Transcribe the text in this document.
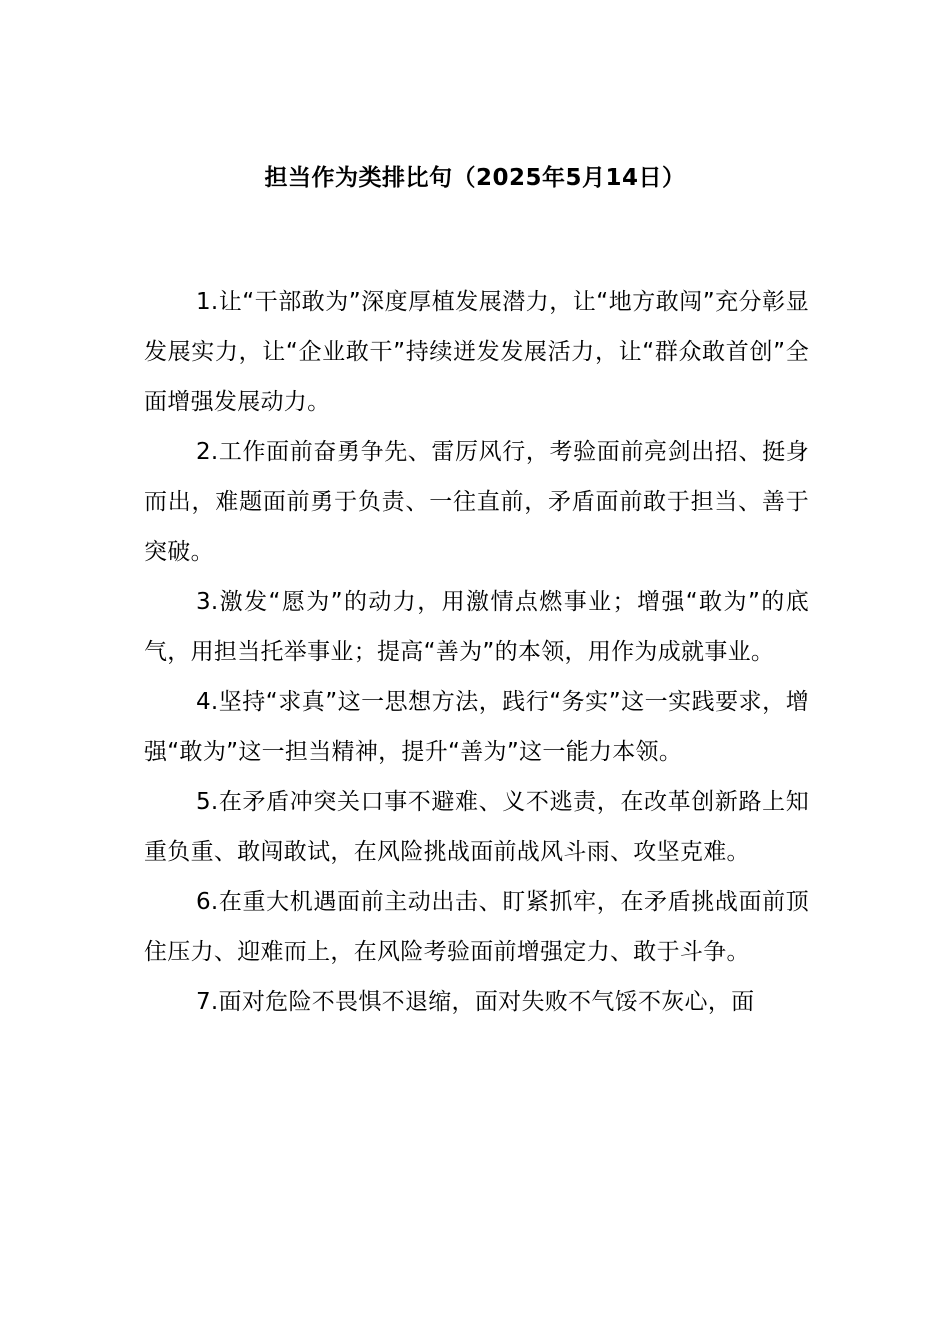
担当作为类排比句（2025年5月14日）

1.让“干部敢为”深度厚植发展潜力，让“地方敢闯”充分彰显发展实力，让“企业敢干”持续迸发发展活力，让“群众敢首创”全面增强发展动力。

2.工作面前奋勇争先、雷厉风行，考验面前亮剑出招、挺身而出，难题面前勇于负责、一往直前，矛盾面前敢于担当、善于突破。

3.激发“愿为”的动力，用激情点燃事业；增强“敢为”的底气，用担当托举事业；提高“善为”的本领，用作为成就事业。

4.坚持“求真”这一思想方法，践行“务实”这一实践要求，增强“敢为”这一担当精神，提升“善为”这一能力本领。

5.在矛盾冲突关口事不避难、义不逃责，在改革创新路上知重负重、敢闯敢试，在风险挑战面前战风斗雨、攻坚克难。

6.在重大机遇面前主动出击、盯紧抓牢，在矛盾挑战面前顶住压力、迎难而上，在风险考验面前增强定力、敢于斗争。

7.面对危险不畏惧不退缩，面对失败不气馁不灰心，面
